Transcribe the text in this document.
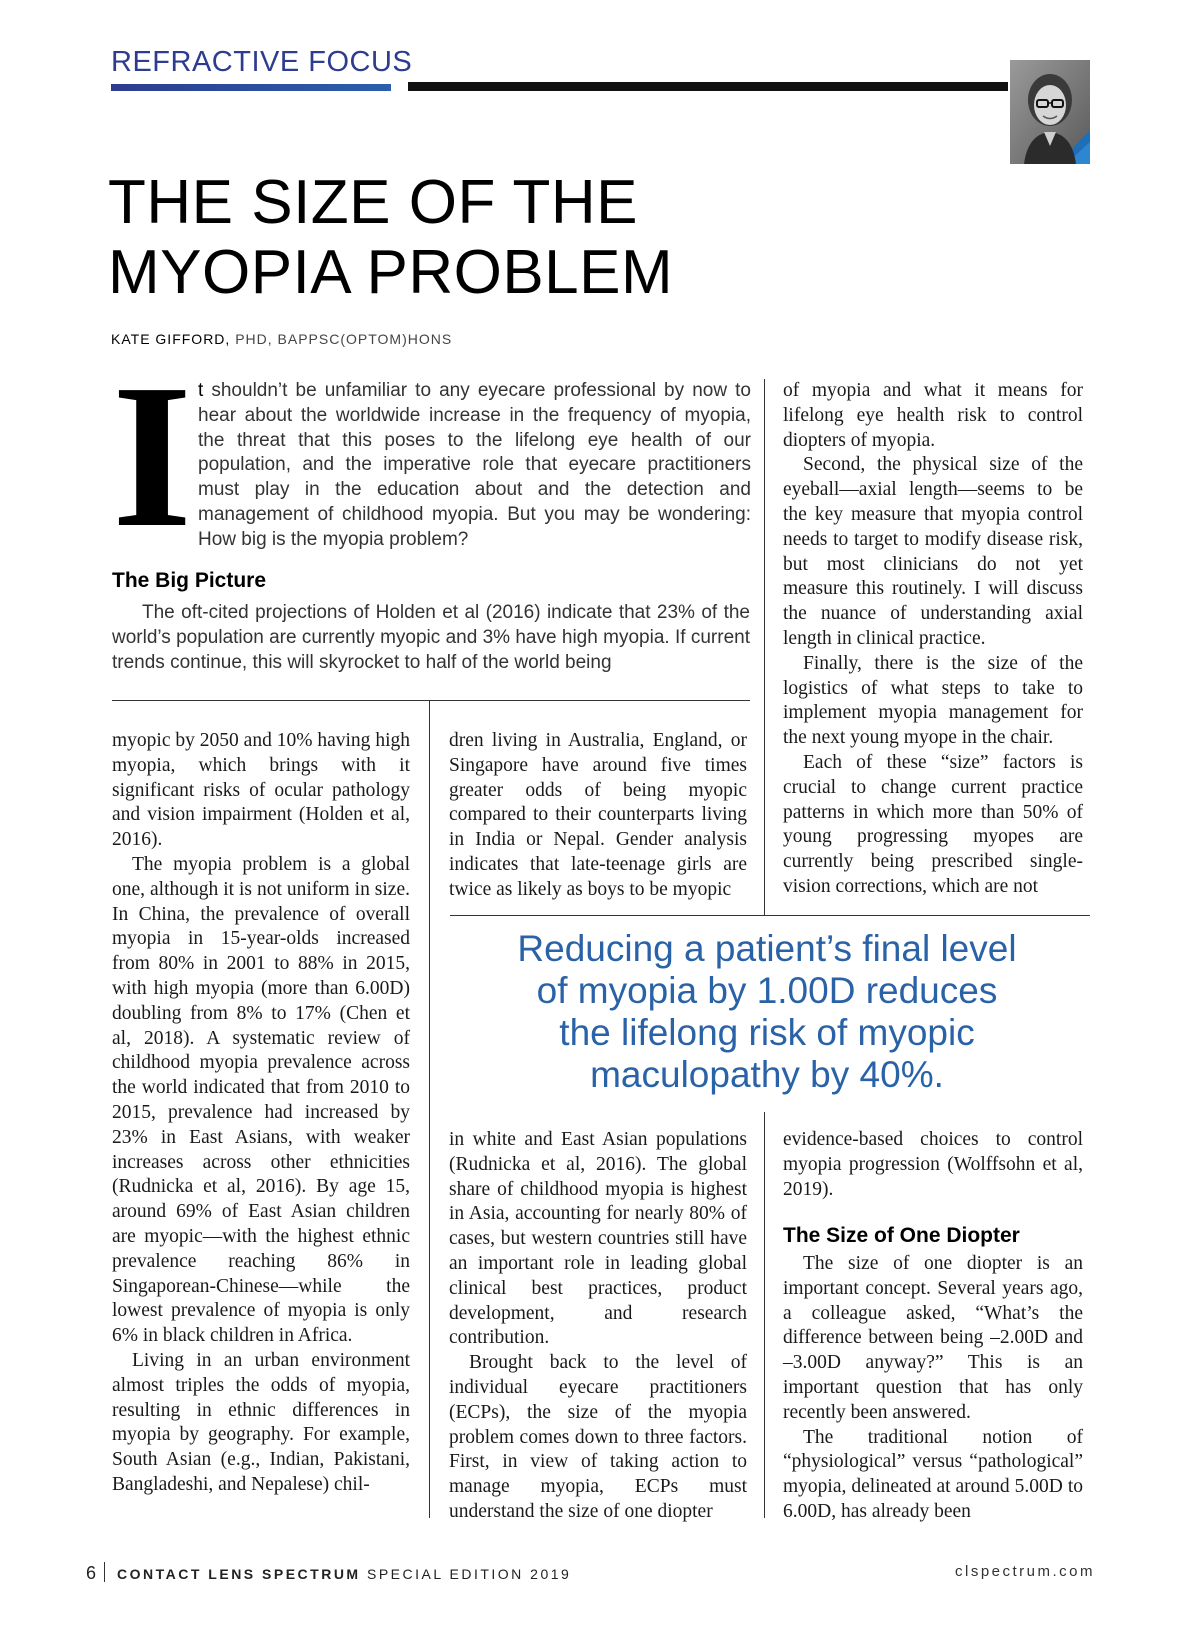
REFRACTIVE FOCUS
THE SIZE OF THE
MYOPIA PROBLEM
KATE GIFFORD, PHD, BAPPSC(OPTOM)HONS
I t shouldn’t be unfamiliar to any eyecare professional by now to hear about the worldwide increase in the frequency of myopia, the threat that this poses to the lifelong eye health of our population, and the imperative role that eyecare practitioners must play in the education about and the detection and management of childhood myopia. But you may be wondering: How big is the myopia problem?
The Big Picture

The oft-cited projections of Holden et al (2016) indicate that 23% of the world’s population are currently myopic and 3% have high myopia. If current trends continue, this will skyrocket to half of the world being

myopic by 2050 and 10% having high myopia, which brings with it significant risks of ocular pathology and vision impairment (Holden et al, 2016).

The myopia problem is a global one, although it is not uniform in size. In China, the prevalence of overall myopia in 15-year-olds increased from 80% in 2001 to 88% in 2015, with high myopia (more than 6.00D) doubling from 8% to 17% (Chen et al, 2018). A systematic review of childhood myopia prevalence across the world indicated that from 2010 to 2015, prevalence had increased by 23% in East Asians, with weaker increases across other ethnicities (Rudnicka et al, 2016). By age 15, around 69% of East Asian children are myopic—with the highest ethnic prevalence reaching 86% in Singaporean-Chinese—while the lowest prevalence of myopia is only 6% in black children in Africa.

Living in an urban environment almost triples the odds of myopia, resulting in ethnic differences in myopia by geography. For example, South Asian (e.g., Indian, Pakistani, Bangladeshi, and Nepalese) chil-

dren living in Australia, England, or Singapore have around five times greater odds of being myopic compared to their counterparts living in India or Nepal. Gender analysis indicates that late-teenage girls are twice as likely as boys to be myopic

of myopia and what it means for lifelong eye health risk to control diopters of myopia.

Second, the physical size of the eyeball—axial length—seems to be the key measure that myopia control needs to target to modify disease risk, but most clinicians do not yet measure this routinely. I will discuss the nuance of understanding axial length in clinical practice.

Finally, there is the size of the logistics of what steps to take to implement myopia management for the next young myope in the chair.

Each of these “size” factors is crucial to change current practice patterns in which more than 50% of young progressing myopes are currently being prescribed single-vision corrections, which are not

Reducing a patient’s final level
of myopia by 1.00D reduces
the lifelong risk of myopic
maculopathy by 40%.

in white and East Asian populations (Rudnicka et al, 2016). The global share of childhood myopia is highest in Asia, accounting for nearly 80% of cases, but western countries still have an important role in leading global clinical best practices, product development, and research contribution.

Brought back to the level of individual eyecare practitioners (ECPs), the size of the myopia problem comes down to three factors. First, in view of taking action to manage myopia, ECPs must understand the size of one diopter

evidence-based choices to control myopia progression (Wolffsohn et al, 2019).

The Size of One Diopter

The size of one diopter is an important concept. Several years ago, a colleague asked, “What’s the difference between being –2.00D and –3.00D anyway?” This is an important question that has only recently been answered.

The traditional notion of “physiological” versus “pathological” myopia, delineated at around 5.00D to 6.00D, has already been

6 CONTACT LENS SPECTRUM SPECIAL EDITION 2019	clspectrum.com
